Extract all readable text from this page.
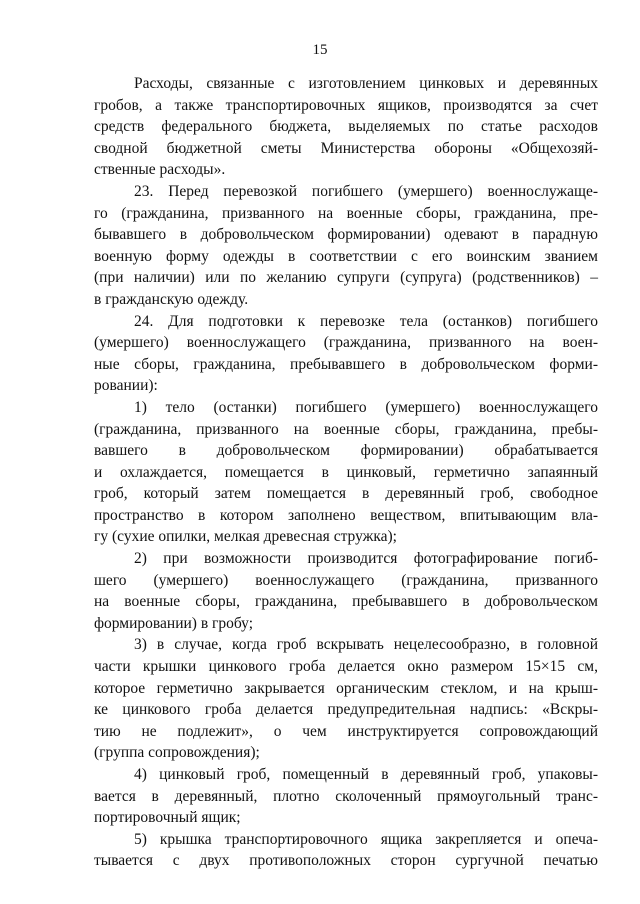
15
Расходы, связанные с изготовлением цинковых и деревянных
гробов, а также транспортировочных ящиков, производятся за счет
средств федерального бюджета, выделяемых по статье расходов
сводной бюджетной сметы Министерства обороны «Общехозяй-
ственные расходы».
23. Перед перевозкой погибшего (умершего) военнослужаще-
го (гражданина, призванного на военные сборы, гражданина, пре-
бывавшего в добровольческом формировании) одевают в парадную
военную форму одежды в соответствии с его воинским званием
(при наличии) или по желанию супруги (супруга) (родственников) –
в гражданскую одежду.
24. Для подготовки к перевозке тела (останков) погибшего
(умершего) военнослужащего (гражданина, призванного на воен-
ные сборы, гражданина, пребывавшего в добровольческом форми-
ровании):
1) тело (останки) погибшего (умершего) военнослужащего
(гражданина, призванного на военные сборы, гражданина, пребы-
вавшего в добровольческом формировании) обрабатывается
и охлаждается, помещается в цинковый, герметично запаянный
гроб, который затем помещается в деревянный гроб, свободное
пространство в котором заполнено веществом, впитывающим вла-
гу (сухие опилки, мелкая древесная стружка);
2) при возможности производится фотографирование погиб-
шего (умершего) военнослужащего (гражданина, призванного
на военные сборы, гражданина, пребывавшего в добровольческом
формировании) в гробу;
3) в случае, когда гроб вскрывать нецелесообразно, в головной
части крышки цинкового гроба делается окно размером 15×15 см,
которое герметично закрывается органическим стеклом, и на крыш-
ке цинкового гроба делается предупредительная надпись: «Вскры-
тию не подлежит», о чем инструктируется сопровождающий
(группа сопровождения);
4) цинковый гроб, помещенный в деревянный гроб, упаковы-
вается в деревянный, плотно сколоченный прямоугольный транс-
портировочный ящик;
5) крышка транспортировочного ящика закрепляется и опеча-
тывается с двух противоположных сторон сургучной печатью
